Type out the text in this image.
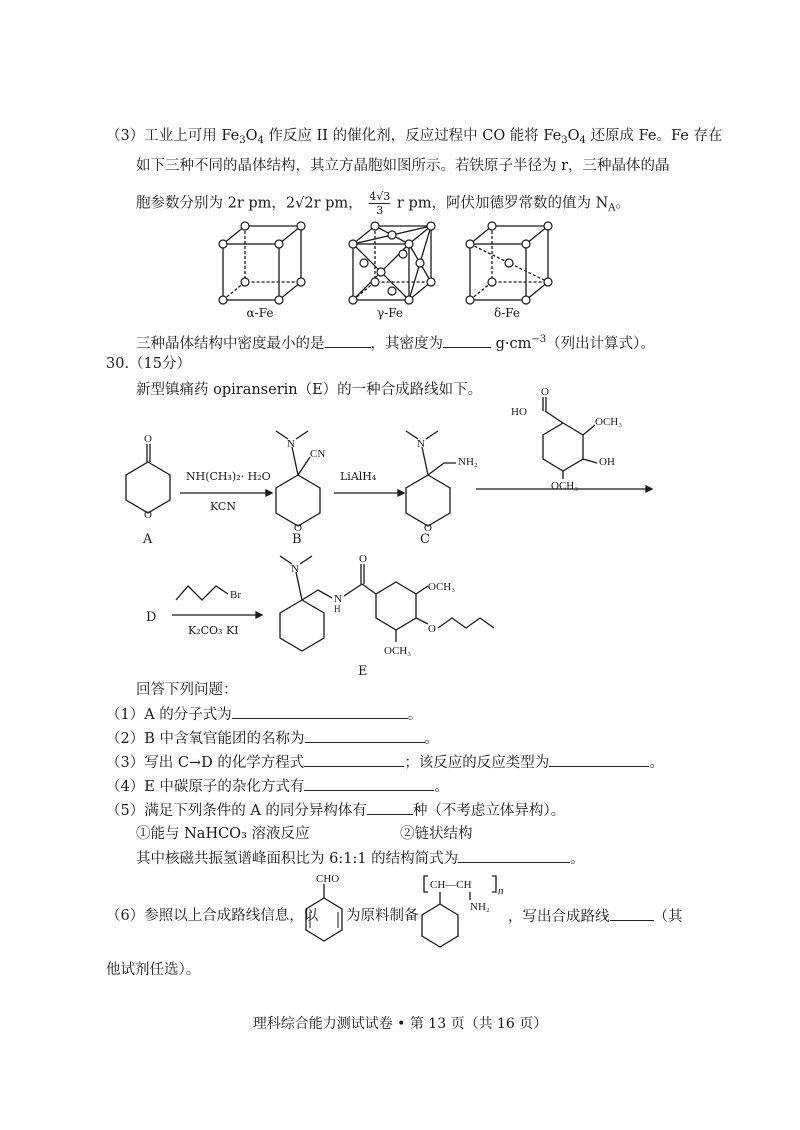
（3）工业上可用 $Fe_3O_4$ 作反应 II 的催化剂，反应过程中 CO 能将 $Fe_3O_4$ 还原成 Fe。Fe 存在
如下三种不同的晶体结构，其立方晶胞如图所示。若铁原子半径为 r，三种晶体的晶
胞参数分别为 2r pm，2√2r pm， $\frac{4√3}{3}$ r pm，阿伏加德罗常数的值为 $N_A$。
α-Fe	γ-Fe	δ-Fe
三种晶体结构中密度最小的是	，其密度为	$g\cdot cm^{-3}$（列出计算式）。
30.（15分）
新型镇痛药 opiranserin（E）的一种合成路线如下。
O
O
A
NH(CH₃)₂· H₂O
KCN
N
CN
O
B
LiAlH₄
N
NH₂
O
C
O
HO
OCH₃
OH
OCH₃
D
Br
K₂CO₃ KI
N
N
H
O
OCH₃
O
OCH₃
E
回答下列问题：
（1）A 的分子式为	。
（2）B 中含氧官能团的名称为	。
（3）写出 C→D 的化学方程式	；该反应的反应类型为	。
（4）E 中碳原子的杂化方式有	。
（5）满足下列条件的 A 的同分异构体有	种（不考虑立体异构）。
①能与 NaHCO₃ 溶液反应	②链状结构
其中核磁共振氢谱峰面积比为 6:1:1 的结构简式为	。
（6）参照以上合成路线信息，以
CHO
为原料制备
CH—CH n
NH₂
，写出合成路线	（其
他试剂任选）。
理科综合能力测试试卷 • 第 13 页（共 16 页）
